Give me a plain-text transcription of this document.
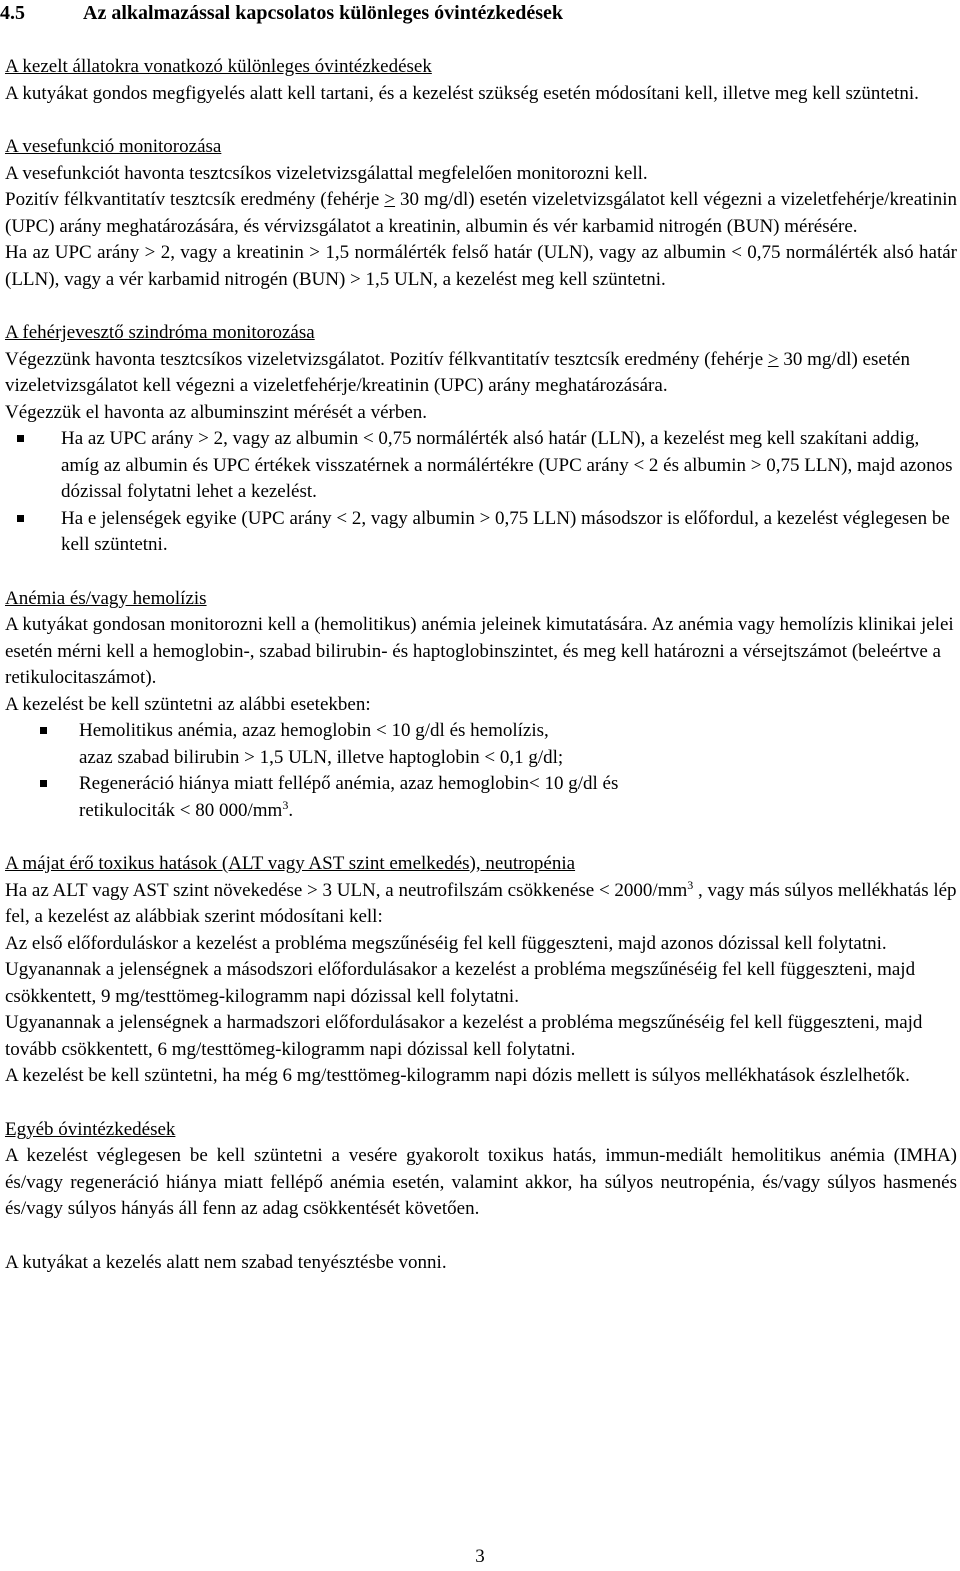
4.5	Az alkalmazással kapcsolatos különleges óvintézkedések

A kezelt állatokra vonatkozó különleges óvintézkedések

A kutyákat gondos megfigyelés alatt kell tartani, és a kezelést szükség esetén módosítani kell, illetve meg kell szüntetni.

A vesefunkció monitorozása

A vesefunkciót havonta tesztcsíkos vizeletvizsgálattal megfelelően monitorozni kell.

Pozitív félkvantitatív tesztcsík eredmény (fehérje ≥ 30 mg/dl) esetén vizeletvizsgálatot kell végezni a vizeletfehérje/kreatinin (UPC) arány meghatározására, és vérvizsgálatot a kreatinin, albumin és vér karbamid nitrogén (BUN) mérésére.

Ha az UPC arány > 2, vagy a kreatinin > 1,5 normálérték felső határ (ULN), vagy az albumin < 0,75 normálérték alsó határ (LLN), vagy a vér karbamid nitrogén (BUN) > 1,5 ULN, a kezelést meg kell szüntetni.

A fehérjevesztő szindróma monitorozása

Végezzünk havonta tesztcsíkos vizeletvizsgálatot. Pozitív félkvantitatív tesztcsík eredmény (fehérje ≥ 30 mg/dl) esetén vizeletvizsgálatot kell végezni a vizeletfehérje/kreatinin (UPC) arány meghatározására.

Végezzük el havonta az albuminszint mérését a vérben.

Ha az UPC arány > 2, vagy az albumin < 0,75 normálérték alsó határ (LLN), a kezelést meg kell szakítani addig, amíg az albumin és UPC értékek visszatérnek a normálértékre (UPC arány < 2 és albumin > 0,75 LLN), majd azonos dózissal folytatni lehet a kezelést.
Ha e jelenségek egyike (UPC arány < 2, vagy albumin > 0,75 LLN) másodszor is előfordul, a kezelést véglegesen be kell szüntetni.

Anémia és/vagy hemolízis

A kutyákat gondosan monitorozni kell a (hemolitikus) anémia jeleinek kimutatására. Az anémia vagy hemolízis klinikai jelei esetén mérni kell a hemoglobin-, szabad bilirubin- és haptoglobinszintet, és meg kell határozni a vérsejtszámot (beleértve a retikulocitaszámot).

A kezelést be kell szüntetni az alábbi esetekben:

Hemolitikus anémia, azaz hemoglobin < 10 g/dl és hemolízis,
azaz szabad bilirubin > 1,5 ULN, illetve haptoglobin < 0,1 g/dl;
Regeneráció hiánya miatt fellépő anémia, azaz hemoglobin< 10 g/dl és
retikulociták < 80 $000/mm^3$.

A májat érő toxikus hatások (ALT vagy AST szint emelkedés), neutropénia

Ha az ALT vagy AST szint növekedése > 3 ULN, a neutrofilszám csökkenése < $2000/mm^3$ , vagy más súlyos mellékhatás lép fel, a kezelést az alábbiak szerint módosítani kell:

Az első előforduláskor a kezelést a probléma megszűnéséig fel kell függeszteni, majd azonos dózissal kell folytatni.

Ugyanannak a jelenségnek a másodszori előfordulásakor a kezelést a probléma megszűnéséig fel kell függeszteni, majd csökkentett, 9 mg/testtömeg-kilogramm napi dózissal kell folytatni.

Ugyanannak a jelenségnek a harmadszori előfordulásakor a kezelést a probléma megszűnéséig fel kell függeszteni, majd tovább csökkentett, 6 mg/testtömeg-kilogramm napi dózissal kell folytatni.

A kezelést be kell szüntetni, ha még 6 mg/testtömeg-kilogramm napi dózis mellett is súlyos mellékhatások észlelhetők.

Egyéb óvintézkedések

A kezelést véglegesen be kell szüntetni a vesére gyakorolt toxikus hatás, immun-mediált hemolitikus anémia (IMHA) és/vagy regeneráció hiánya miatt fellépő anémia esetén, valamint akkor, ha súlyos neutropénia, és/vagy súlyos hasmenés és/vagy súlyos hányás áll fenn az adag csökkentését követően.

A kutyákat a kezelés alatt nem szabad tenyésztésbe vonni.

3
